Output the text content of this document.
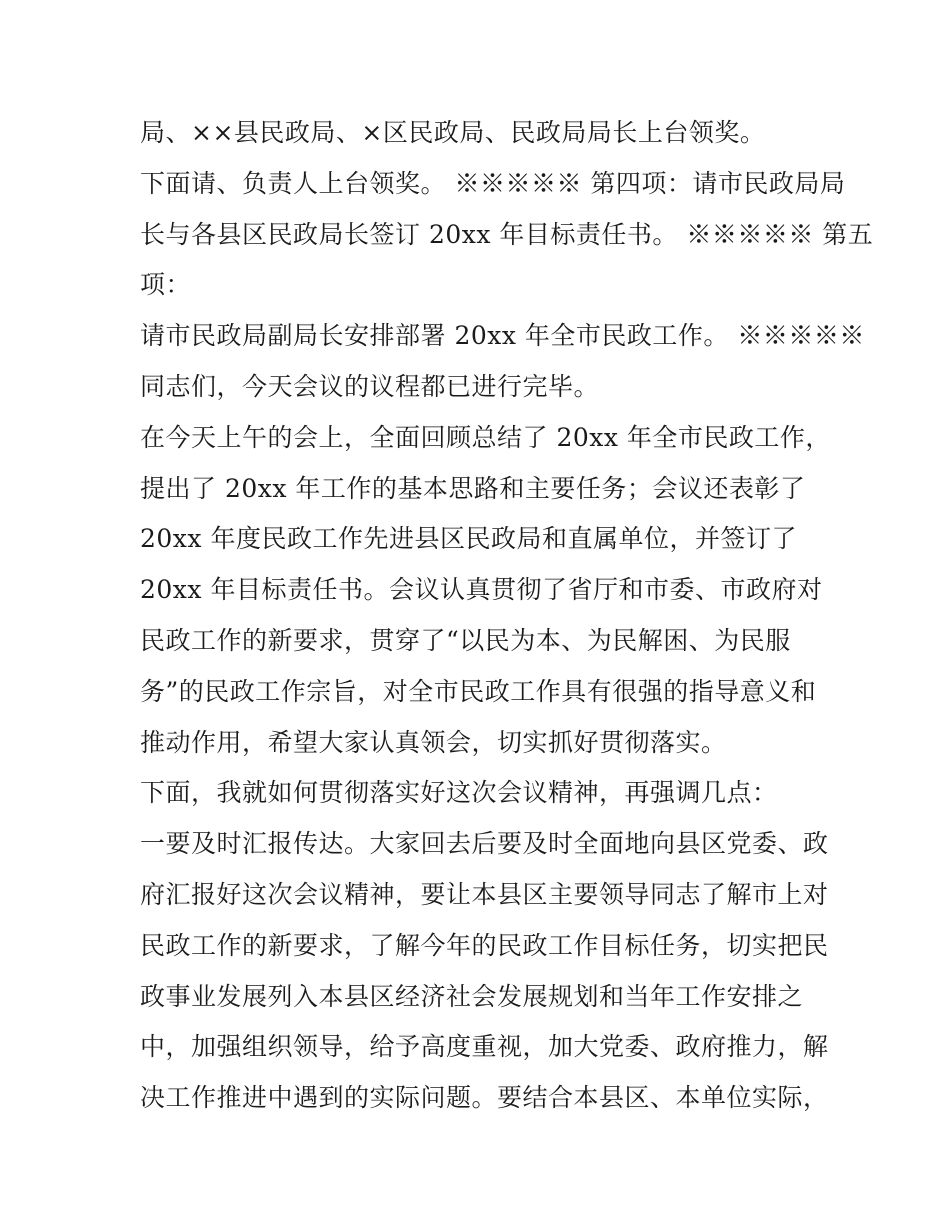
局、××县民政局、×区民政局、民政局局长上台领奖。
下面请、负责人上台领奖。 ※※※※※ 第四项：请市民政局局
长与各县区民政局长签订 20xx 年目标责任书。 ※※※※※ 第五
项：
请市民政局副局长安排部署 20xx 年全市民政工作。 ※※※※※
同志们，今天会议的议程都已进行完毕。
在今天上午的会上，全面回顾总结了 20xx 年全市民政工作，
提出了 20xx 年工作的基本思路和主要任务；会议还表彰了
20xx 年度民政工作先进县区民政局和直属单位，并签订了
20xx 年目标责任书。会议认真贯彻了省厅和市委、市政府对
民政工作的新要求，贯穿了“以民为本、为民解困、为民服
务”的民政工作宗旨，对全市民政工作具有很强的指导意义和
推动作用，希望大家认真领会，切实抓好贯彻落实。
下面，我就如何贯彻落实好这次会议精神，再强调几点：
一要及时汇报传达。大家回去后要及时全面地向县区党委、政
府汇报好这次会议精神，要让本县区主要领导同志了解市上对
民政工作的新要求，了解今年的民政工作目标任务，切实把民
政事业发展列入本县区经济社会发展规划和当年工作安排之
中，加强组织领导，给予高度重视，加大党委、政府推力，解
决工作推进中遇到的实际问题。要结合本县区、本单位实际，
